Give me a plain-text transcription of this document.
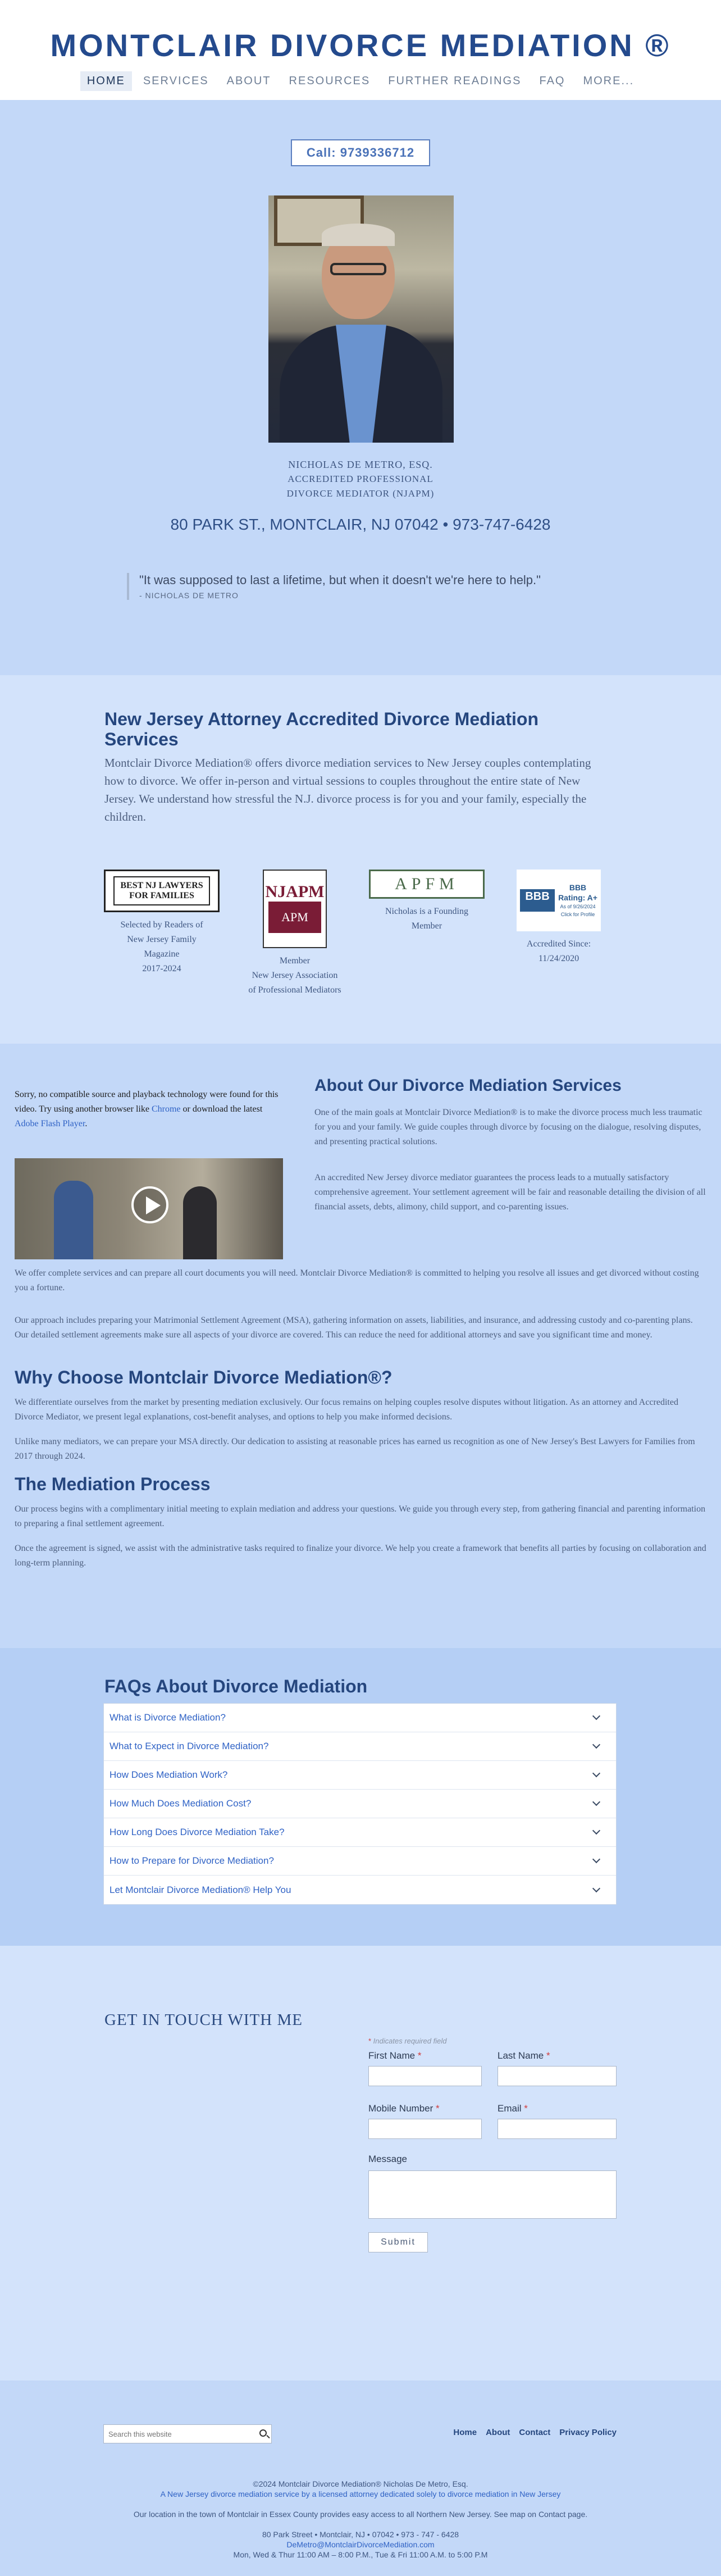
MONTCLAIR DIVORCE MEDIATION ®
HOME	SERVICES	ABOUT	RESOURCES	FURTHER READINGS	FAQ	MORE...
Call: 9739336712
NICHOLAS DE METRO, ESQ.
ACCREDITED PROFESSIONAL
DIVORCE MEDIATOR (NJAPM)
80 PARK ST., MONTCLAIR, NJ 07042 • 973-747-6428
"It was supposed to last a lifetime, but when it doesn't we're here to help."
- NICHOLAS DE METRO
New Jersey Attorney Accredited Divorce Mediation Services

Montclair Divorce Mediation® offers divorce mediation services to New Jersey couples contemplating how to divorce. We offer in-person and virtual sessions to couples throughout the entire state of New Jersey. We understand how stressful the N.J. divorce process is for you and your family, especially the children.

BEST NJ LAWYERS
FOR FAMILIES
Selected by Readers of
New Jersey Family
Magazine
2017-2024
NJAPM
APM
Member
New Jersey Association
of Professional Mediators
APFM
Nicholas is a Founding
Member
BBB
BBB Rating: A+
As of 9/26/2024
Click for Profile
Accredited Since:
11/24/2020
Sorry, no compatible source and playback technology were found for this video. Try using another browser like Chrome or download the latest Adobe Flash Player.
About Our Divorce Mediation Services
One of the main goals at Montclair Divorce Mediation® is to make the divorce process much less traumatic for you and your family. We guide couples through divorce by focusing on the dialogue, resolving disputes, and presenting practical solutions.
An accredited New Jersey divorce mediator guarantees the process leads to a mutually satisfactory comprehensive agreement. Your settlement agreement will be fair and reasonable detailing the division of all financial assets, debts, alimony, child support, and co-parenting issues.
We offer complete services and can prepare all court documents you will need. Montclair Divorce Mediation® is committed to helping you resolve all issues and get divorced without costing you a fortune.
Our approach includes preparing your Matrimonial Settlement Agreement (MSA), gathering information on assets, liabilities, and insurance, and addressing custody and co-parenting plans. Our detailed settlement agreements make sure all aspects of your divorce are covered. This can reduce the need for additional attorneys and save you significant time and money.
Why Choose Montclair Divorce Mediation®?
We differentiate ourselves from the market by presenting mediation exclusively. Our focus remains on helping couples resolve disputes without litigation. As an attorney and Accredited Divorce Mediator, we present legal explanations, cost-benefit analyses, and options to help you make informed decisions.
Unlike many mediators, we can prepare your MSA directly. Our dedication to assisting at reasonable prices has earned us recognition as one of New Jersey's Best Lawyers for Families from 2017 through 2024.
The Mediation Process
Our process begins with a complimentary initial meeting to explain mediation and address your questions. We guide you through every step, from gathering financial and parenting information to preparing a final settlement agreement.
Once the agreement is signed, we assist with the administrative tasks required to finalize your divorce. We help you create a framework that benefits all parties by focusing on collaboration and long-term planning.
FAQs About Divorce Mediation
What is Divorce Mediation?
What to Expect in Divorce Mediation?
How Does Mediation Work?
How Much Does Mediation Cost?
How Long Does Divorce Mediation Take?
How to Prepare for Divorce Mediation?
Let Montclair Divorce Mediation® Help You
GET IN TOUCH WITH ME
* Indicates required field
First Name *	Last Name *
Mobile Number *	Email *
Message
Submit
Search this website
Home About Contact Privacy Policy
©2024 Montclair Divorce Mediation® Nicholas De Metro, Esq.
A New Jersey divorce mediation service by a licensed attorney dedicated solely to divorce mediation in New Jersey
Our location in the town of Montclair in Essex County provides easy access to all Northern New Jersey. See map on Contact page.
80 Park Street • Montclair, NJ • 07042 • 973 - 747 - 6428
DeMetro@MontclairDivorceMediation.com
Mon, Wed & Thur 11:00 AM – 8:00 P.M., Tue & Fri 11:00 A.M. to 5:00 P.M
